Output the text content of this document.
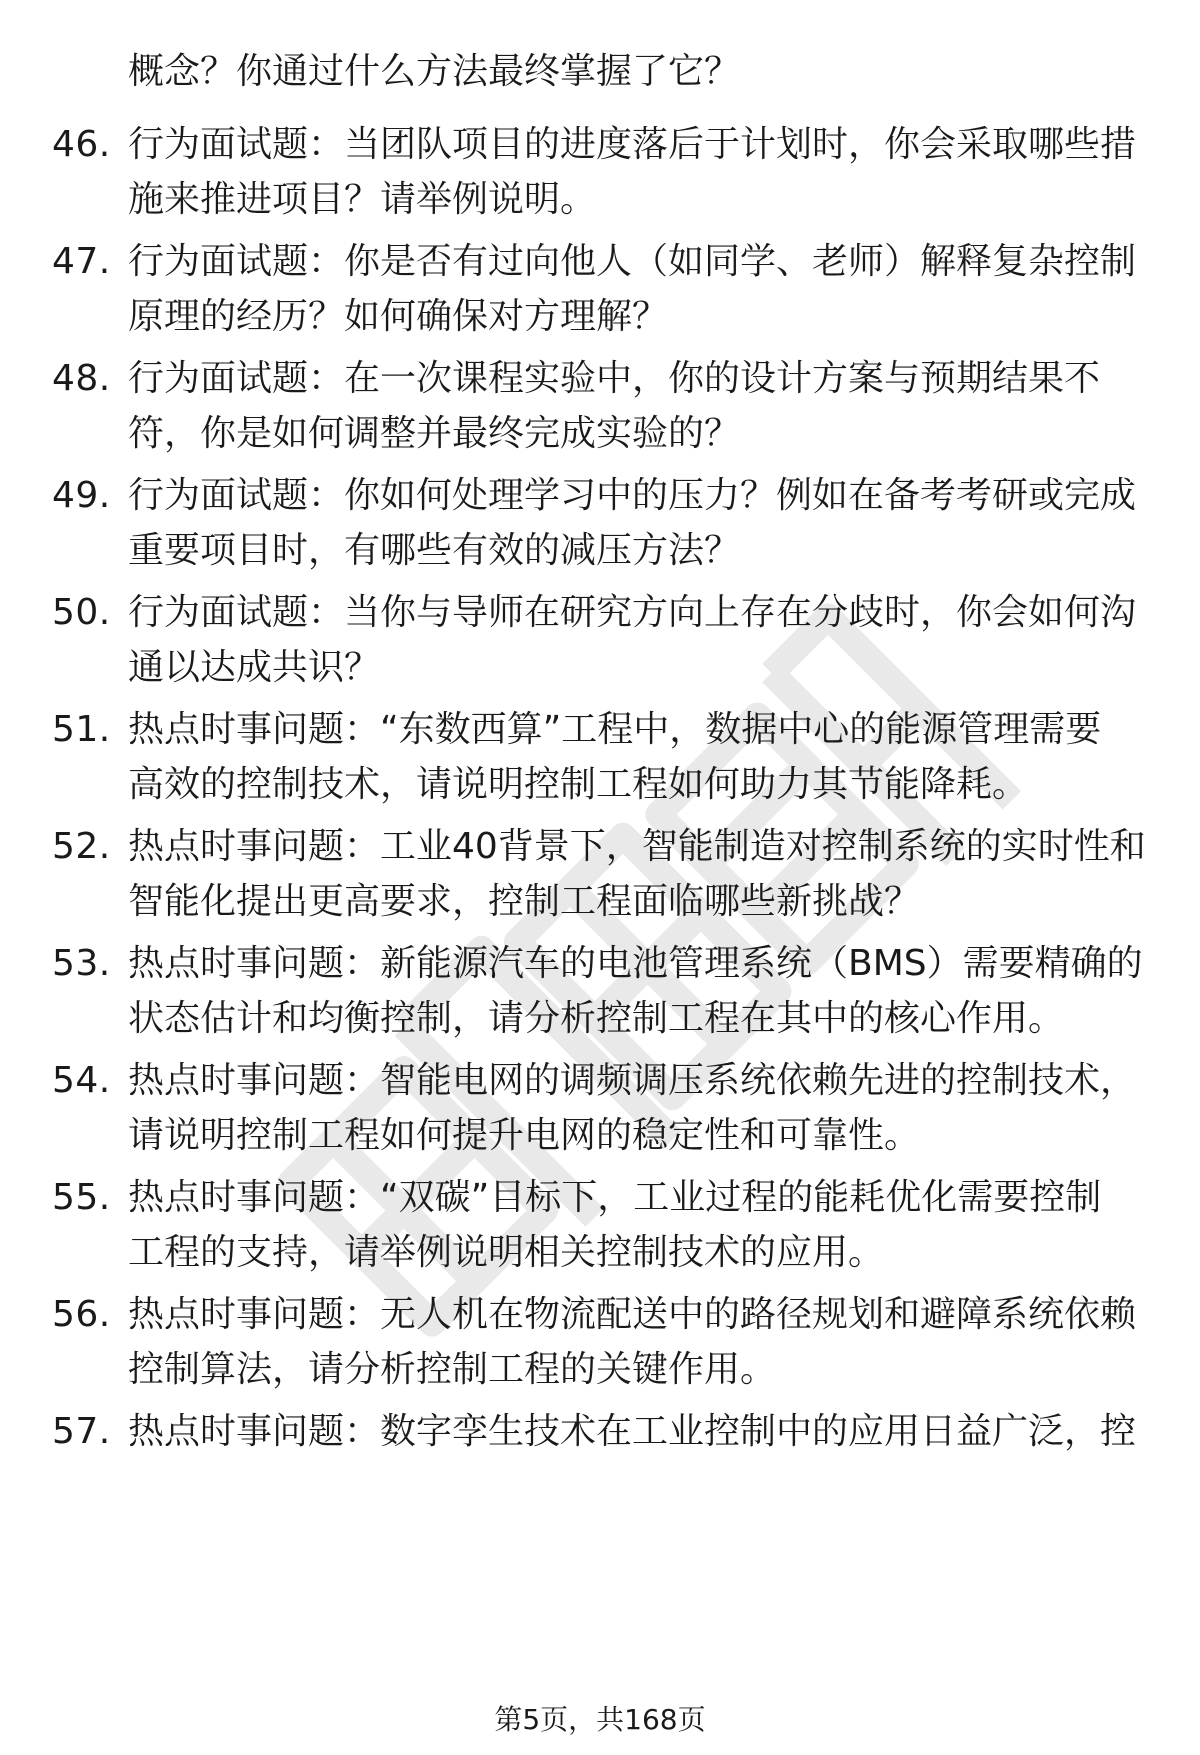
概念？你通过什么方法最终掌握了它？
46. 行为面试题：当团队项目的进度落后于计划时，你会采取哪些措
施来推进项目？请举例说明。
47. 行为面试题：你是否有过向他人（如同学、老师）解释复杂控制
原理的经历？如何确保对方理解？
48. 行为面试题：在一次课程实验中，你的设计方案与预期结果不
符，你是如何调整并最终完成实验的？
49. 行为面试题：你如何处理学习中的压力？例如在备考考研或完成
重要项目时，有哪些有效的减压方法？
50. 行为面试题：当你与导师在研究方向上存在分歧时，你会如何沟
通以达成共识？
51. 热点时事问题：“东数西算”工程中，数据中心的能源管理需要
高效的控制技术，请说明控制工程如何助力其节能降耗。
52. 热点时事问题：工业40背景下，智能制造对控制系统的实时性和
智能化提出更高要求，控制工程面临哪些新挑战？
53. 热点时事问题：新能源汽车的电池管理系统（BMS）需要精确的
状态估计和均衡控制，请分析控制工程在其中的核心作用。
54. 热点时事问题：智能电网的调频调压系统依赖先进的控制技术，
请说明控制工程如何提升电网的稳定性和可靠性。
55. 热点时事问题：“双碳”目标下，工业过程的能耗优化需要控制
工程的支持，请举例说明相关控制技术的应用。
56. 热点时事问题：无人机在物流配送中的路径规划和避障系统依赖
控制算法，请分析控制工程的关键作用。
57. 热点时事问题：数字孪生技术在工业控制中的应用日益广泛，控
第5页，共168页
